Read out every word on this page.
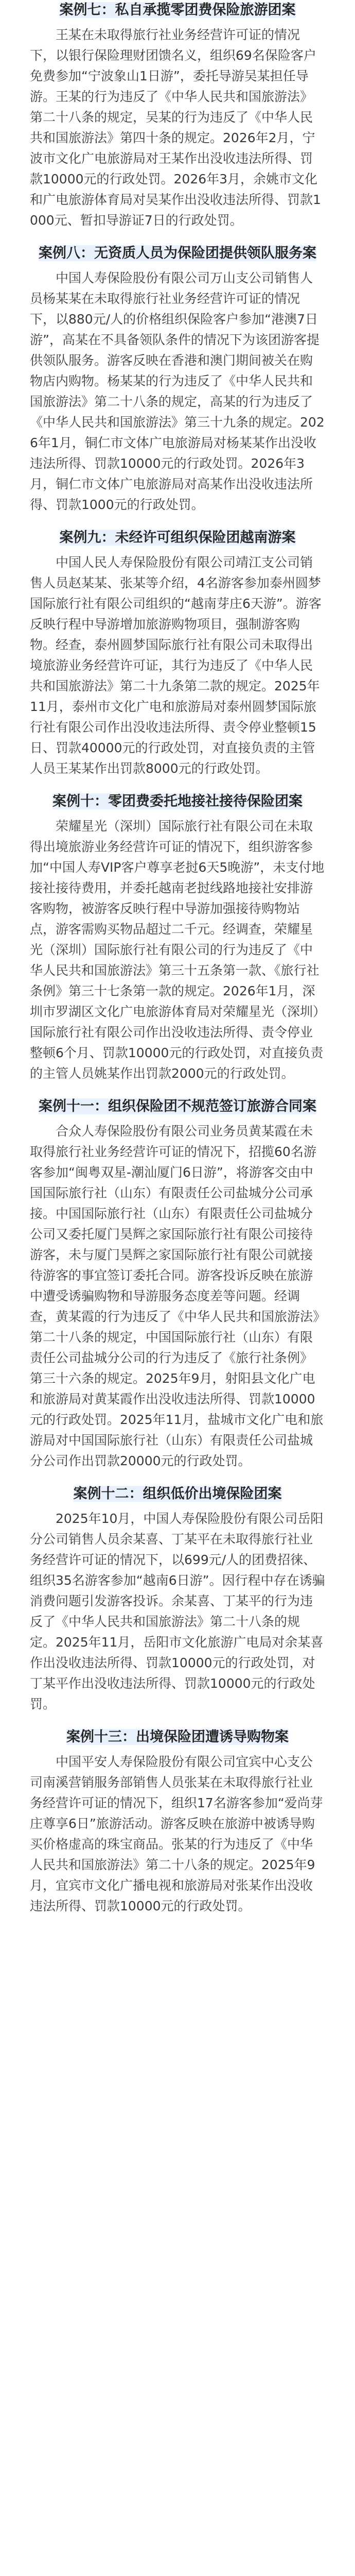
案例七：私自承揽零团费保险旅游团案
王某在未取得旅行社业务经营许可证的情况下，以银行保险理财团馈名义，组织69名保险客户免费参加“宁波象山1日游”，委托导游吴某担任导游。王某的行为违反了《中华人民共和国旅游法》第二十八条的规定，吴某的行为违反了《中华人民共和国旅游法》第四十条的规定。2026年2月，宁波市文化广电旅游局对王某作出没收违法所得、罚款10000元的行政处罚。2026年3月，余姚市文化和广电旅游体育局对吴某作出没收违法所得、罚款1000元、暂扣导游证7日的行政处罚。
案例八：无资质人员为保险团提供领队服务案
中国人寿保险股份有限公司万山支公司销售人员杨某某在未取得旅行社业务经营许可证的情况下，以880元/人的价格组织保险客户参加“港澳7日游”，高某在不具备领队条件的情况下为该团游客提供领队服务。游客反映在香港和澳门期间被关在购物店内购物。杨某某的行为违反了《中华人民共和国旅游法》第二十八条的规定，高某的行为违反了《中华人民共和国旅游法》第三十九条的规定。2026年1月，铜仁市文体广电旅游局对杨某某作出没收违法所得、罚款10000元的行政处罚。2026年3月，铜仁市文体广电旅游局对高某作出没收违法所得、罚款1000元的行政处罚。
案例九：未经许可组织保险团越南游案
中国人民人寿保险股份有限公司靖江支公司销售人员赵某某、张某等介绍，4名游客参加泰州圆梦国际旅行社有限公司组织的“越南芽庄6天游”。游客反映行程中导游增加旅游购物项目，强制游客购物。经查，泰州圆梦国际旅行社有限公司未取得出境旅游业务经营许可证，其行为违反了《中华人民共和国旅游法》第二十九条第二款的规定。2025年11月，泰州市文化广电和旅游局对泰州圆梦国际旅行社有限公司作出没收违法所得、责令停业整顿15日、罚款40000元的行政处罚，对直接负责的主管人员王某某作出罚款8000元的行政处罚。
案例十：零团费委托地接社接待保险团案
荣耀星光（深圳）国际旅行社有限公司在未取得出境旅游业务经营许可证的情况下，组织游客参加“中国人寿VIP客户尊享老挝6天5晚游”，未支付地接社接待费用，并委托越南老挝线路地接社安排游客购物，被游客反映行程中导游加强接待购物站点，游客需购买物品超过二千元。经调查，荣耀星光（深圳）国际旅行社有限公司的行为违反了《中华人民共和国旅游法》第三十五条第一款、《旅行社条例》第三十七条第一款的规定。2026年1月，深圳市罗湖区文化广电旅游体育局对荣耀星光（深圳）国际旅行社有限公司作出没收违法所得、责令停业整顿6个月、罚款10000元的行政处罚，对直接负责的主管人员姚某作出罚款2000元的行政处罚。
案例十一：组织保险团不规范签订旅游合同案
合众人寿保险股份有限公司业务员黄某霞在未取得旅行社业务经营许可证的情况下，招揽60名游客参加“闽粤双星-潮汕厦门6日游”，将游客交由中国国际旅行社（山东）有限责任公司盐城分公司承接。中国国际旅行社（山东）有限责任公司盐城分公司又委托厦门昊辉之家国际旅行社有限公司接待游客，未与厦门昊辉之家国际旅行社有限公司就接待游客的事宜签订委托合同。游客投诉反映在旅游中遭受诱骗购物和导游服务态度差等问题。经调查，黄某霞的行为违反了《中华人民共和国旅游法》第二十八条的规定，中国国际旅行社（山东）有限责任公司盐城分公司的行为违反了《旅行社条例》第三十六条的规定。2025年9月，射阳县文化广电和旅游局对黄某霞作出没收违法所得、罚款10000元的行政处罚。2025年11月，盐城市文化广电和旅游局对中国国际旅行社（山东）有限责任公司盐城分公司作出罚款20000元的行政处罚。
案例十二：组织低价出境保险团案
2025年10月，中国人寿保险股份有限公司岳阳分公司销售人员余某喜、丁某平在未取得旅行社业务经营许可证的情况下，以699元/人的团费招徕、组织35名游客参加“越南6日游”。因行程中存在诱骗消费问题引发游客投诉。余某喜、丁某平的行为违反了《中华人民共和国旅游法》第二十八条的规定。2025年11月，岳阳市文化旅游广电局对余某喜作出没收违法所得、罚款10000元的行政处罚，对丁某平作出没收违法所得、罚款10000元的行政处罚。
案例十三：出境保险团遭诱导购物案
中国平安人寿保险股份有限公司宜宾中心支公司南溪营销服务部销售人员张某在未取得旅行社业务经营许可证的情况下，组织17名游客参加“爱尚芽庄尊享6日”旅游活动。游客反映在旅游中被诱导购买价格虚高的珠宝商品。张某的行为违反了《中华人民共和国旅游法》第二十八条的规定。2025年9月，宜宾市文化广播电视和旅游局对张某作出没收违法所得、罚款10000元的行政处罚。
